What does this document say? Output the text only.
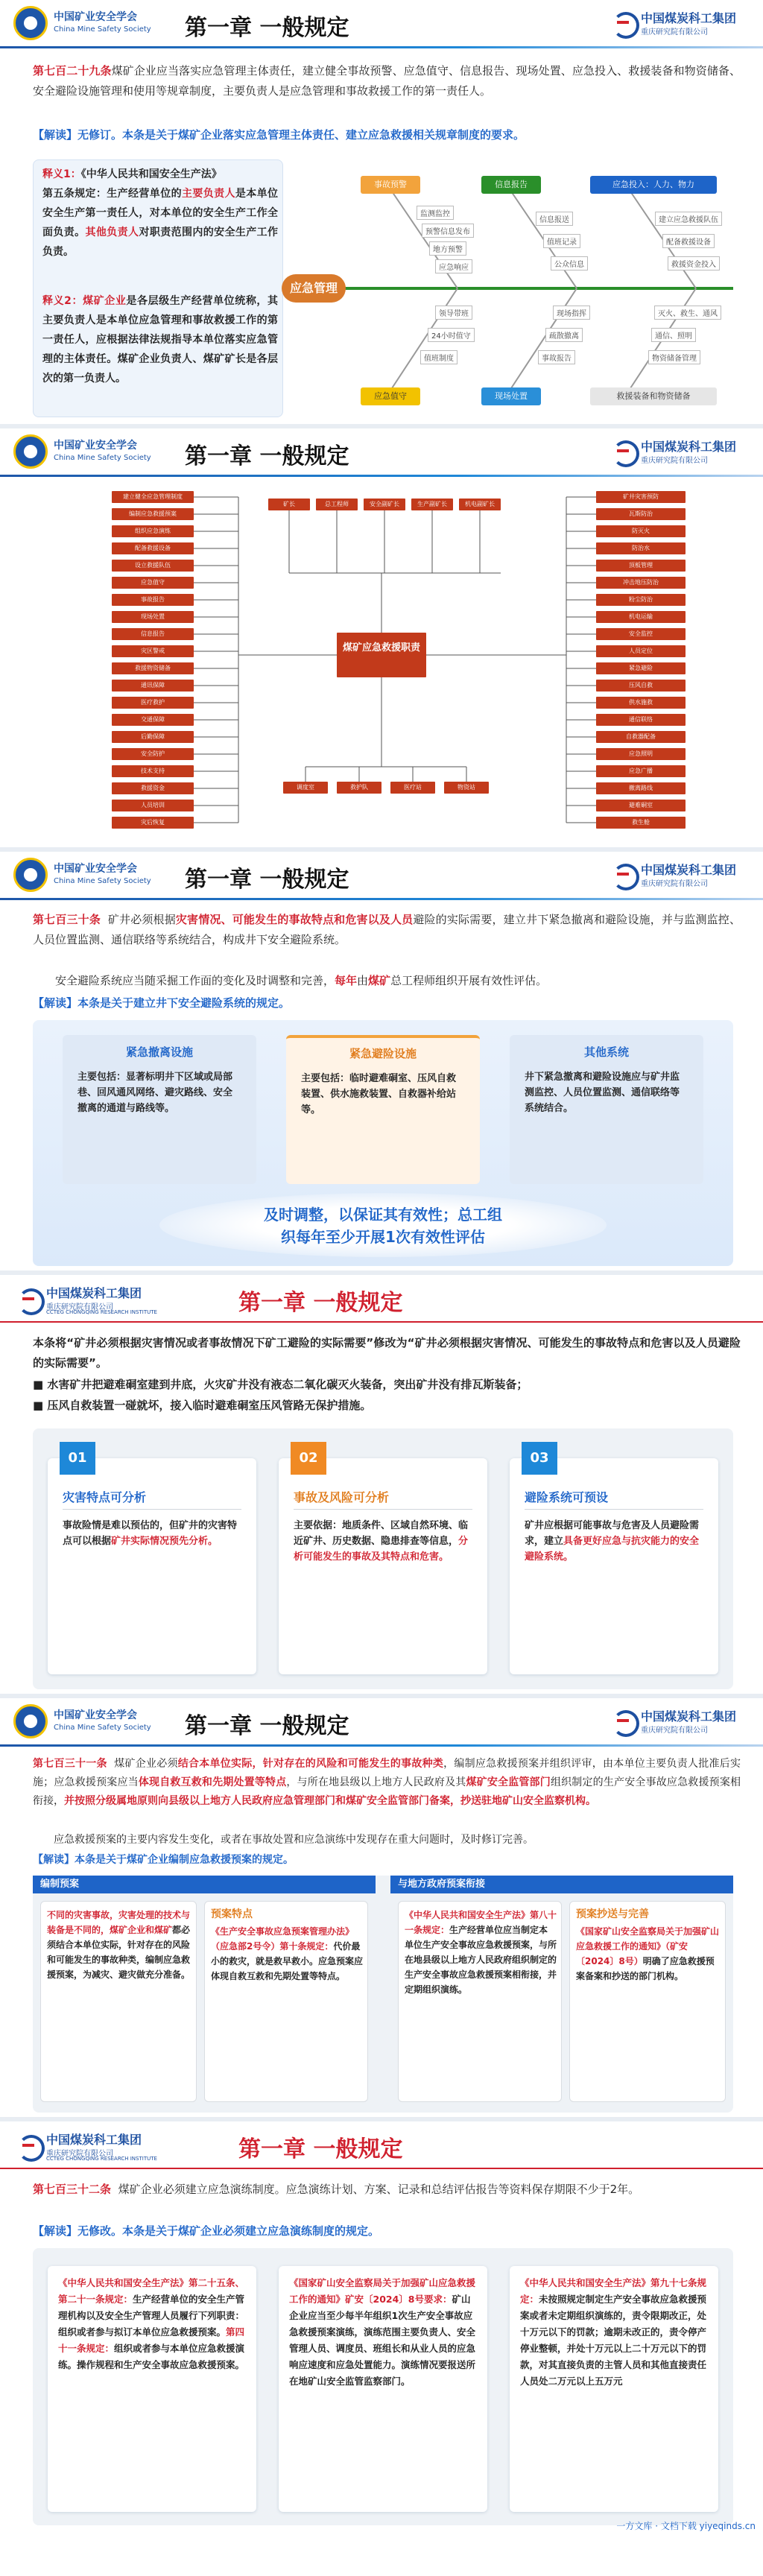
中国矿业安全学会
China Mine Safety Society 第一章 一般规定	中国煤炭科工集团
重庆研究院有限公司
第七百二十九条煤矿企业应当落实应急管理主体责任，建立健全事故预警、应急值守、信息报告、现场处置、应急投入、救援装备和物资储备、安全避险设施管理和使用等规章制度，主要负责人是应急管理和事故救援工作的第一责任人。
【解读】无修订。本条是关于煤矿企业落实应急管理主体责任、建立应急救援相关规章制度的要求。
释义1：《中华人民共和国安全生产法》
第五条规定：生产经营单位的主要负责人是本单位安全生产第一责任人，对本单位的安全生产工作全面负责。其他负责人对职责范围内的安全生产工作负责。
释义2：煤矿企业是各层级生产经营单位统称，其主要负责人是本单位应急管理和事故救援工作的第一责任人，应根据法律法规指导本单位落实应急管理的主体责任。煤矿企业负责人、煤矿矿长是各层次的第一负责人。
应急管理
事故预警	信息报告	应急投入：人力、物力
应急值守	现场处置	救援装备和物资储备
监测监控
预警信息发布
地方预警
应急响应
信息报送
值班记录
公众信息
建立应急救援队伍
配备救援设备
救援资金投入
领导带班
24小时值守
值班制度
现场指挥
疏散撤离
事故报告
灭火、救生、通风
通信、照明
物资储备管理
中国矿业安全学会
China Mine Safety Society 第一章 一般规定	中国煤炭科工集团
重庆研究院有限公司
煤矿应急救援职责
建立健全应急管理制度
编制应急救援预案
组织应急演练
配备救援设备
设立救援队伍
应急值守
事故报告
现场处置
信息报告
灾区警戒
救援物资储备
通讯保障
医疗救护
交通保障
后勤保障
安全防护
技术支持
救援资金
人员培训
灾后恢复
矿井灾害预防
瓦斯防治
防灭火
防治水
顶板管理
冲击地压防治
粉尘防治
机电运输
安全监控
人员定位
紧急避险
压风自救
供水施救
通信联络
自救器配备
应急照明
应急广播
撤离路线
避难硐室
救生舱
矿长	总工程师	安全副矿长	生产副矿长	机电副矿长
调度室	救护队	医疗站	物资站
中国矿业安全学会
China Mine Safety Society 第一章 一般规定	中国煤炭科工集团
重庆研究院有限公司
第七百三十条 矿井必须根据灾害情况、可能发生的事故特点和危害以及人员避险的实际需要，建立井下紧急撤离和避险设施，并与监测监控、人员位置监测、通信联络等系统结合，构成井下安全避险系统。
安全避险系统应当随采掘工作面的变化及时调整和完善，每年由煤矿总工程师组织开展有效性评估。
【解读】本条是关于建立井下安全避险系统的规定。
紧急撤离设施
主要包括：显著标明井下区域或局部巷、回风通风网络、避灾路线、安全撤离的通道与路线等。
紧急避险设施
主要包括：临时避难硐室、压风自救装置、供水施救装置、自救器补给站等。
其他系统
井下紧急撤离和避险设施应与矿井监测监控、人员位置监测、通信联络等系统结合。
及时调整，以保证其有效性；总工组
织每年至少开展1次有效性评估
中国煤炭科工集团
重庆研究院有限公司
CCTEG CHONGQING RESEARCH INSTITUTE	第一章 一般规定
本条将“矿井必须根据灾害情况或者事故情况下矿工避险的实际需要”修改为“矿井必须根据灾害情况、可能发生的事故特点和危害以及人员避险的实际需要”。
■ 水害矿井把避难硐室建到井底，火灾矿井没有液态二氧化碳灭火装备，突出矿井没有排瓦斯装备；
■ 压风自救装置一碰就坏，接入临时避难硐室压风管路无保护措施。
01
灾害特点可分析
事故险情是难以预估的，但矿井的灾害特点可以根据矿井实际情况预先分析。
02
事故及风险可分析
主要依据：地质条件、区域自然环境、临近矿井、历史数据、隐患排查等信息，分析可能发生的事故及其特点和危害。
03
避险系统可预设
矿井应根据可能事故与危害及人员避险需求，建立具备更好应急与抗灾能力的安全避险系统。
中国矿业安全学会
China Mine Safety Society 第一章 一般规定	中国煤炭科工集团
重庆研究院有限公司
第七百三十一条 煤矿企业必须结合本单位实际，针对存在的风险和可能发生的事故种类，编制应急救援预案并组织评审，由本单位主要负责人批准后实施；应急救援预案应当体现自救互救和先期处置等特点，与所在地县级以上地方人民政府及其煤矿安全监管部门组织制定的生产安全事故应急救援预案相衔接，并按照分级属地原则向县级以上地方人民政府应急管理部门和煤矿安全监管部门备案，抄送驻地矿山安全监察机构。
应急救援预案的主要内容发生变化，或者在事故处置和应急演练中发现存在重大问题时，及时修订完善。
【解读】本条是关于煤矿企业编制应急救援预案的规定。
编制预案	与地方政府预案衔接
不同的灾害事故，灾害处理的技术与装备是不同的，煤矿企业和煤矿都必须结合本单位实际，针对存在的风险和可能发生的事故种类，编制应急救援预案，为减灾、避灾做充分准备。
预案特点
《生产安全事故应急预案管理办法》（应急部2号令）第十条规定：代价最小的救灾，就是救早救小。应急预案应体现自救互救和先期处置等特点。
《中华人民共和国安全生产法》第八十一条规定：生产经营单位应当制定本单位生产安全事故应急救援预案，与所在地县级以上地方人民政府组织制定的生产安全事故应急救援预案相衔接，并定期组织演练。
预案抄送与完善
《国家矿山安全监察局关于加强矿山应急救援工作的通知》（矿安〔2024〕8号）明确了应急救援预案备案和抄送的部门机构。
中国煤炭科工集团
重庆研究院有限公司
CCTEG CHONGQING RESEARCH INSTITUTE	第一章 一般规定
第七百三十二条 煤矿企业必须建立应急演练制度。应急演练计划、方案、记录和总结评估报告等资料保存期限不少于2年。
【解读】无修改。本条是关于煤矿企业必须建立应急演练制度的规定。
《中华人民共和国安全生产法》第二十五条、第二十一条规定：生产经营单位的安全生产管理机构以及安全生产管理人员履行下列职责：组织或者参与拟订本单位应急救援预案。第四十一条规定：组织或者参与本单位应急救援演练。操作规程和生产安全事故应急救援预案。
《国家矿山安全监察局关于加强矿山应急救援工作的通知》矿安〔2024〕8号要求：矿山企业应当至少每半年组织1次生产安全事故应急救援预案演练，演练范围主要负责人、安全管理人员、调度员、班组长和从业人员的应急响应速度和应急处置能力。演练情况要报送所在地矿山安全监管监察部门。
《中华人民共和国安全生产法》第九十七条规定：未按照规定制定生产安全事故应急救援预案或者未定期组织演练的，责令限期改正，处十万元以下的罚款；逾期未改正的，责令停产停业整顿，并处十万元以上二十万元以下的罚款，对其直接负责的主管人员和其他直接责任人员处二万元以上五万元
一方文库 · 文档下载 yiyeqinds.cn
